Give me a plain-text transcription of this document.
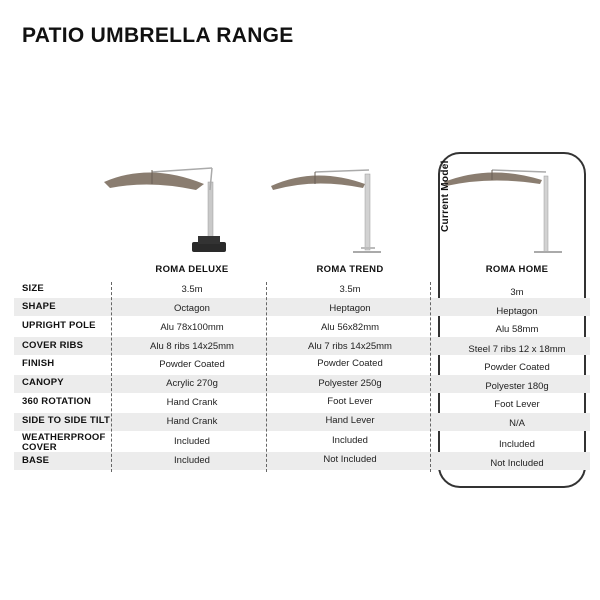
PATIO UMBRELLA RANGE
Current Model
ROMA DELUXE	ROMA TREND	ROMA HOME
SIZE
SHAPE
UPRIGHT POLE
COVER RIBS
FINISH
CANOPY
360 ROTATION
SIDE TO SIDE TILT
WEATHERPROOF COVER
BASE
3.5m
Octagon
Alu 78x100mm
Alu 8 ribs 14x25mm
Powder Coated
Acrylic 270g
Hand Crank
Hand Crank
Included
Included
3.5m
Heptagon
Alu 56x82mm
Alu 7 ribs 14x25mm
Powder Coated
Polyester 250g
Foot Lever
Hand Lever
Included
Not Included
3m
Heptagon
Alu 58mm
Steel 7 ribs 12 x 18mm
Powder Coated
Polyester 180g
Foot Lever
N/A
Included
Not Included
